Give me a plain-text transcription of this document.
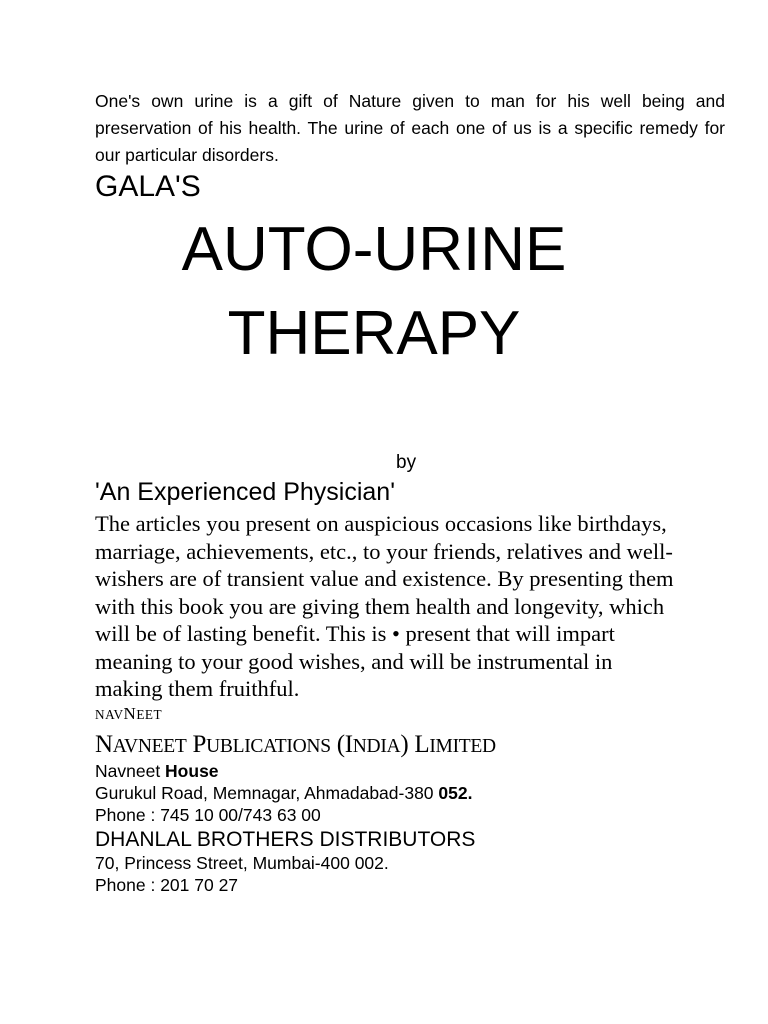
One's own urine is a gift of Nature given to man for his well being and preservation of his health. The urine of each one of us is a specific remedy for our particular disorders.

GALA'S
AUTO-URINE
THERAPY
by
'An Experienced Physician'
The articles you present on auspicious occasions like birthdays,
marriage, achievements, etc., to your friends, relatives and well-
wishers are of transient value and existence. By presenting them
with this book you are giving them health and longevity, which
will be of lasting benefit. This is • present that will impart
meaning to your good wishes, and will be instrumental in
making them fruithful.
NAVNEET
NAVNEET PUBLICATIONS (INDIA) LIMITED
Navneet House
Gurukul Road, Memnagar, Ahmadabad-380 052.
Phone : 745 10 00/743 63 00
DHANLAL BROTHERS DISTRIBUTORS
70, Princess Street, Mumbai-400 002.
Phone : 201 70 27
